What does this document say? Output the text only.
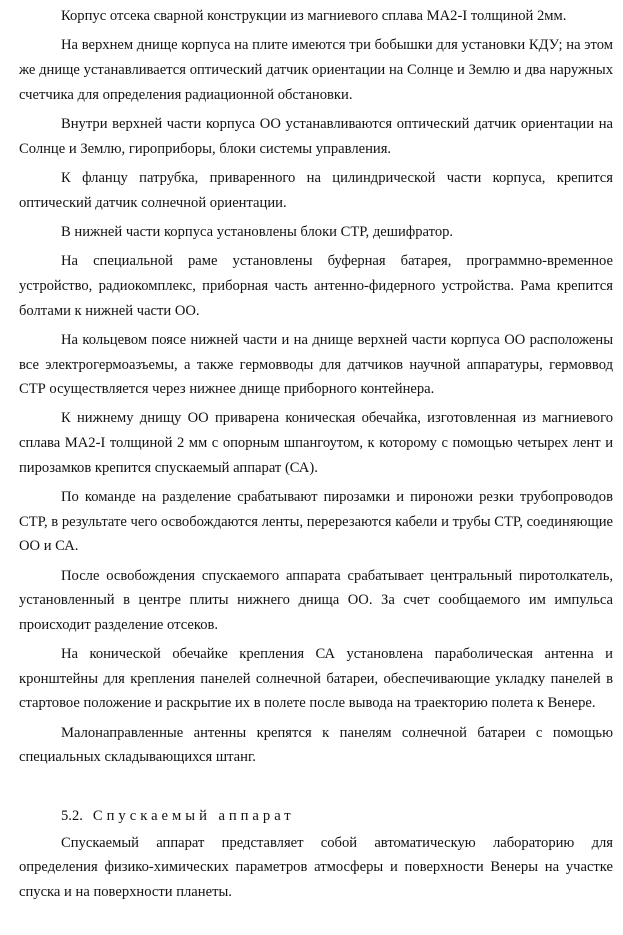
Корпус отсека сварной конструкции из магниевого сплава МА2-I толщиной 2мм.

На верхнем днище корпуса на плите имеются три бобышки для установки КДУ; на этом же днище устанавливается оптический датчик ориентации на Солнце и Землю и два наружных счетчика для определения радиационной обстановки.

Внутри верхней части корпуса ОО устанавливаются оптический датчик ориентации на Солнце и Землю, гироприборы, блоки системы управления.

К фланцу патрубка, приваренного на цилиндрической части корпуса, крепится оптический датчик солнечной ориентации.

В нижней части корпуса установлены блоки СТР, дешифратор.

На специальной раме установлены буферная батарея, программно-временное устройство, радиокомплекс, приборная часть антенно-фидерного устройства. Рама крепится болтами к нижней части ОО.

На кольцевом поясе нижней части и на днище верхней части корпуса ОО расположены все электрогермоазъемы, а также гермовводы для датчиков научной аппаратуры, гермоввод СТР осуществляется через нижнее днище приборного контейнера.

К нижнему днищу ОО приварена коническая обечайка, изготовленная из магниевого сплава МА2-I толщиной 2 мм с опорным шпангоутом, к которому с помощью четырех лент и пирозамков крепится спускаемый аппарат (СА).

По команде на разделение срабатывают пирозамки и пироножи резки трубопроводов СТР, в результате чего освобождаются ленты, перерезаются кабели и трубы СТР, соединяющие ОО и СА.

После освобождения спускаемого аппарата срабатывает центральный пиротолкатель, установленный в центре плиты нижнего днища ОО. За счет сообщаемого им импульса происходит разделение отсеков.

На конической обечайке крепления СА установлена параболическая антенна и кронштейны для крепления панелей солнечной батареи, обеспечивающие укладку панелей в стартовое положение и раскрытие их в полете после вывода на траекторию полета к Венере.

Малонаправленные антенны крепятся к панелям солнечной батареи с помощью специальных складывающихся штанг.

5.2. Спускаемый аппарат

Спускаемый аппарат представляет собой автоматическую лабораторию для определения физико-химических параметров атмосферы и поверхности Венеры на участке спуска и на поверхности планеты.
